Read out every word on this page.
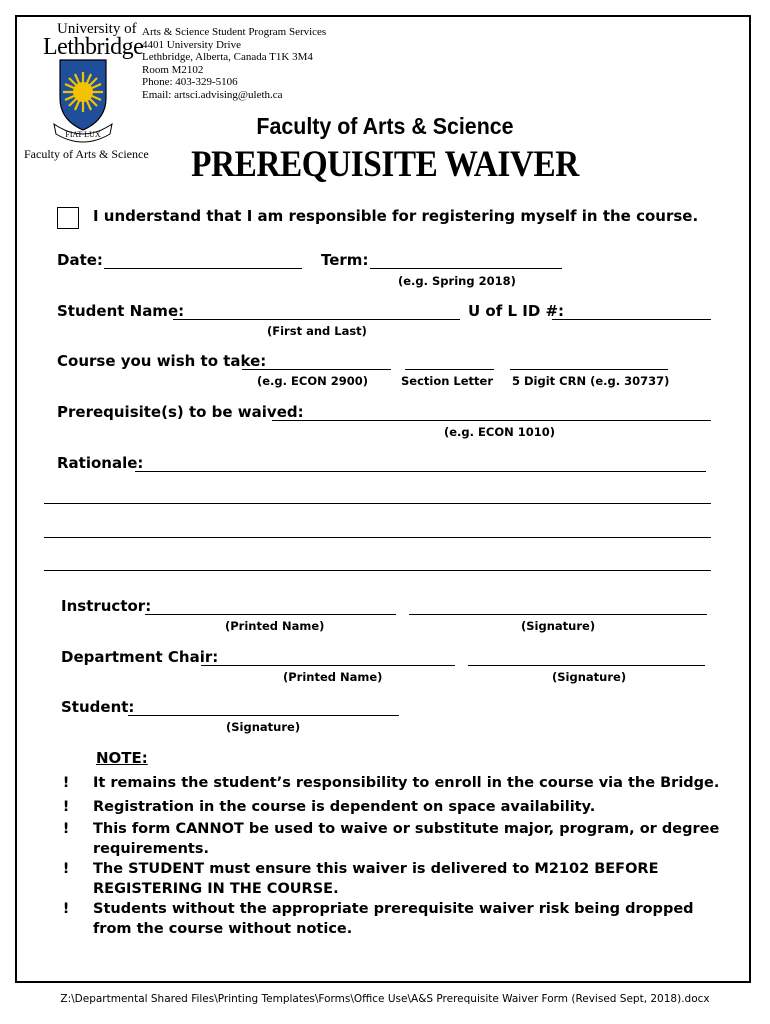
University of
Lethbridge
FIAT LUX
Faculty of Arts & Science
Arts & Science Student Program Services
4401 University Drive
Lethbridge, Alberta, Canada T1K 3M4
Room M2102
Phone: 403-329-5106
Email: artsci.advising@uleth.ca
Faculty of Arts & Science
PREREQUISITE WAIVER
I understand that I am responsible for registering myself in the course.
Date:	Term:
(e.g. Spring 2018)
Student Name:
(First and Last)
U of L ID #:
Course you wish to take:
(e.g. ECON 2900)	Section Letter 5 Digit CRN (e.g. 30737)
Prerequisite(s) to be waived:
(e.g. ECON 1010)
Rationale:
Instructor:
(Printed Name)	(Signature)
Department Chair:
(Printed Name)	(Signature)
Student:
(Signature)
NOTE:
! It remains the student’s responsibility to enroll in the course via the Bridge.
! Registration in the course is dependent on space availability.
! This form CANNOT be used to waive or substitute major, program, or degree requirements.
! The STUDENT must ensure this waiver is delivered to M2102 BEFORE REGISTERING IN THE COURSE.
! Students without the appropriate prerequisite waiver risk being dropped from the course without notice.
Z:\Departmental Shared Files\Printing Templates\Forms\Office Use\A&S Prerequisite Waiver Form (Revised Sept, 2018).docx
